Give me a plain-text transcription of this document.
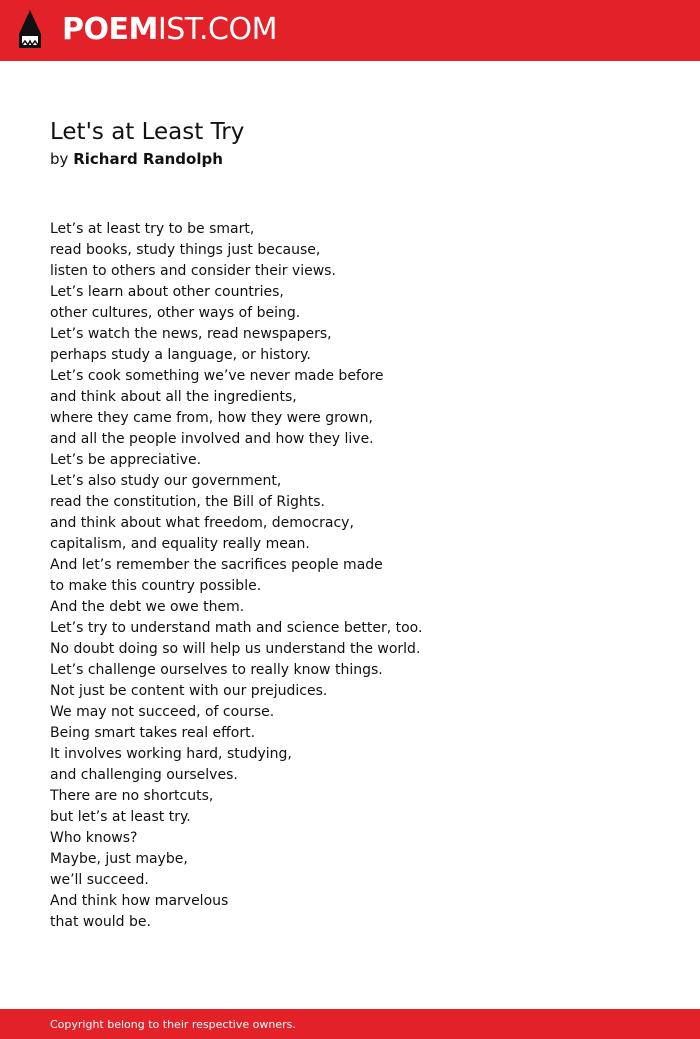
POEMIST.COM
Let's at Least Try
by Richard Randolph
Let’s at least try to be smart,
read books, study things just because,
listen to others and consider their views.
Let’s learn about other countries,
other cultures, other ways of being.
Let’s watch the news, read newspapers,
perhaps study a language, or history.
Let’s cook something we’ve never made before
and think about all the ingredients,
where they came from, how they were grown,
and all the people involved and how they live.
Let’s be appreciative.
Let’s also study our government,
read the constitution, the Bill of Rights.
and think about what freedom, democracy,
capitalism, and equality really mean.
And let’s remember the sacrifices people made
to make this country possible.
And the debt we owe them.
Let’s try to understand math and science better, too.
No doubt doing so will help us understand the world.
Let’s challenge ourselves to really know things.
Not just be content with our prejudices.
We may not succeed, of course.
Being smart takes real effort.
It involves working hard, studying,
and challenging ourselves.
There are no shortcuts,
but let’s at least try.
Who knows?
Maybe, just maybe,
we’ll succeed.
And think how marvelous
that would be.
Copyright belong to their respective owners.
